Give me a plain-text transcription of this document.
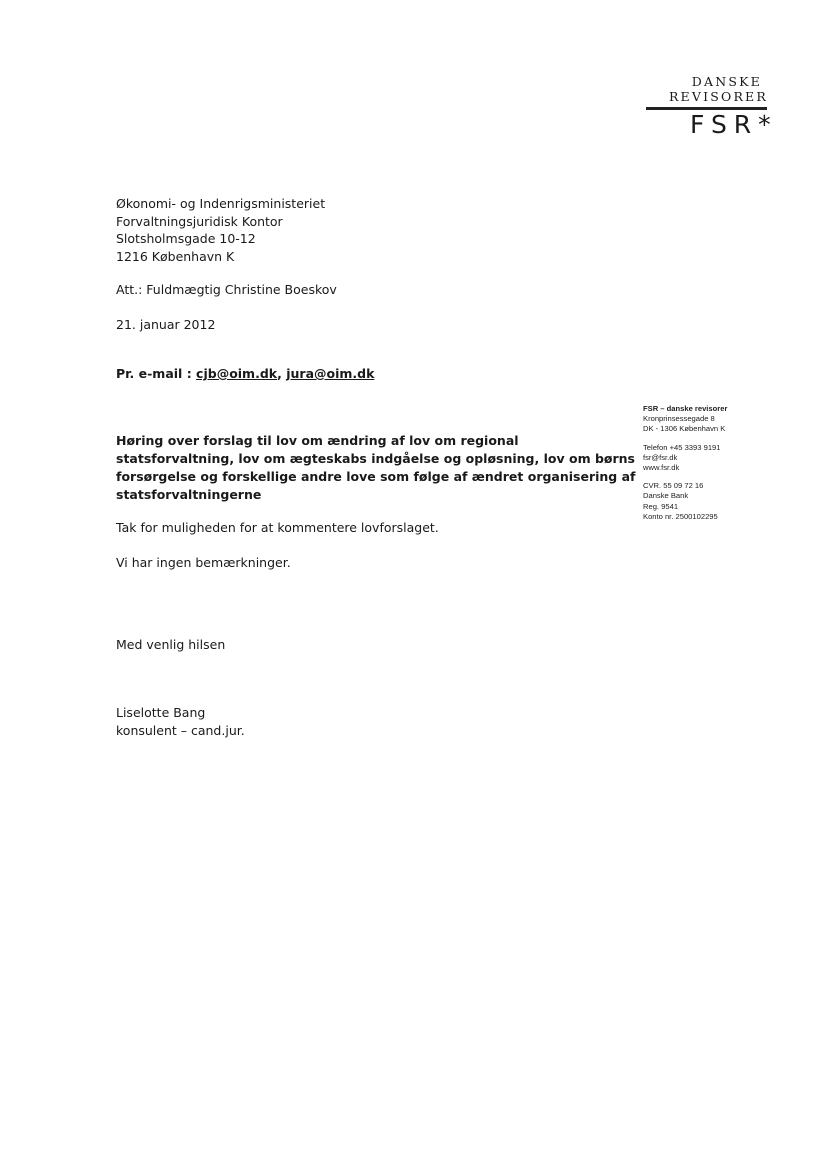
DANSKE
REVISORER
FSR*
Økonomi- og Indenrigsministeriet
Forvaltningsjuridisk Kontor
Slotsholmsgade 10-12
1216 København K
Att.: Fuldmægtig Christine Boeskov
21. januar 2012
Pr. e-mail : cjb@oim.dk, jura@oim.dk
FSR – danske revisorer
Kronprinsessegade 8
DK - 1306 København K
Telefon +45 3393 9191
fsr@fsr.dk
www.fsr.dk
CVR. 55 09 72 16
Danske Bank
Reg. 9541
Konto nr. 2500102295
Høring over forslag til lov om ændring af lov om regional
statsforvaltning, lov om ægteskabs indgåelse og opløsning, lov om børns
forsørgelse og forskellige andre love som følge af ændret organisering af
statsforvaltningerne
Tak for muligheden for at kommentere lovforslaget.
Vi har ingen bemærkninger.
Med venlig hilsen
Liselotte Bang
konsulent – cand.jur.
